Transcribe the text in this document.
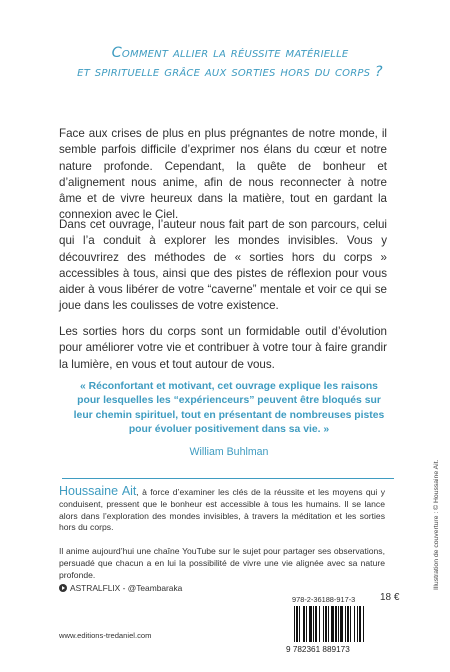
Comment allier la réussite matérielle
et spirituelle grâce aux sorties hors du corps ?
Face aux crises de plus en plus prégnantes de notre monde, il semble parfois difficile d’exprimer nos élans du cœur et notre nature profonde. Cependant, la quête de bonheur et d’alignement nous anime, afin de nous reconnecter à notre âme et de vivre heureux dans la matière, tout en gardant la connexion avec le Ciel.
Dans cet ouvrage, l’auteur nous fait part de son parcours, celui qui l’a conduit à explorer les mondes invisibles. Vous y découvrirez des méthodes de « sorties hors du corps » accessibles à tous, ainsi que des pistes de réflexion pour vous aider à vous libérer de votre “caverne” mentale et voir ce qui se joue dans les coulisses de votre existence.
Les sorties hors du corps sont un formidable outil d’évolution pour améliorer votre vie et contribuer à votre tour à faire grandir la lumière, en vous et tout autour de vous.
« Réconfortant et motivant, cet ouvrage explique les raisons pour lesquelles les “expérienceurs” peuvent être bloqués sur leur chemin spirituel, tout en présentant de nombreuses pistes pour évoluer positivement dans sa vie. »
William Buhlman
Houssaine Ait, à force d’examiner les clés de la réussite et les moyens qui y conduisent, pressent que le bonheur est accessible à tous les humains. Il se lance alors dans l’exploration des mondes invisibles, à travers la méditation et les sorties hors du corps.
Il anime aujourd’hui une chaîne YouTube sur le sujet pour partager ses observations, persuadé que chacun a en lui la possibilité de vivre une vie alignée avec sa nature profonde.
ASTRALFLIX - @Teambaraka
www.editions-tredaniel.com
Illustration de couverture : © Houssaine Ait.
978-2-36188-917-3 18 €
9 782361 889173
